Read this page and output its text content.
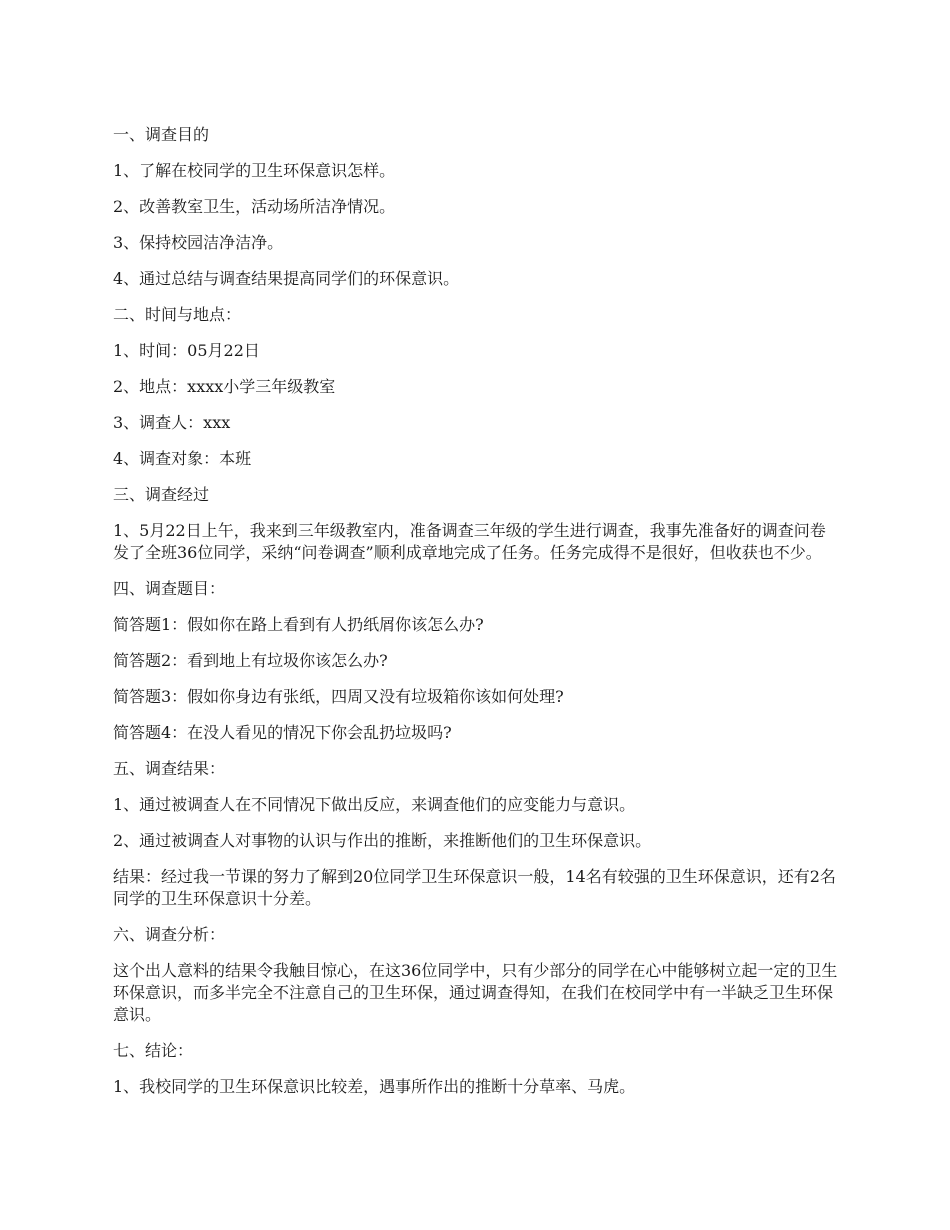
一、调查目的

1、了解在校同学的卫生环保意识怎样。

2、改善教室卫生，活动场所洁净情况。

3、保持校园洁净洁净。

4、通过总结与调查结果提高同学们的环保意识。

二、时间与地点：

1、时间：05月22日

2、地点：xxxx小学三年级教室

3、调查人：xxx

4、调查对象：本班

三、调查经过

1、5月22日上午，我来到三年级教室内，准备调查三年级的学生进行调查，我事先准备好的调查问卷发了全班36位同学，采纳“问卷调查”顺利成章地完成了任务。任务完成得不是很好，但收获也不少。

四、调查题目：

简答题1：假如你在路上看到有人扔纸屑你该怎么办?

简答题2：看到地上有垃圾你该怎么办?

简答题3：假如你身边有张纸，四周又没有垃圾箱你该如何处理?

简答题4：在没人看见的情况下你会乱扔垃圾吗?

五、调查结果：

1、通过被调查人在不同情况下做出反应，来调查他们的应变能力与意识。

2、通过被调查人对事物的认识与作出的推断，来推断他们的卫生环保意识。

结果：经过我一节课的努力了解到20位同学卫生环保意识一般，14名有较强的卫生环保意识，还有2名同学的卫生环保意识十分差。

六、调查分析：

这个出人意料的结果令我触目惊心，在这36位同学中，只有少部分的同学在心中能够树立起一定的卫生环保意识，而多半完全不注意自己的卫生环保，通过调查得知，在我们在校同学中有一半缺乏卫生环保意识。

七、结论：

1、我校同学的卫生环保意识比较差，遇事所作出的推断十分草率、马虎。
